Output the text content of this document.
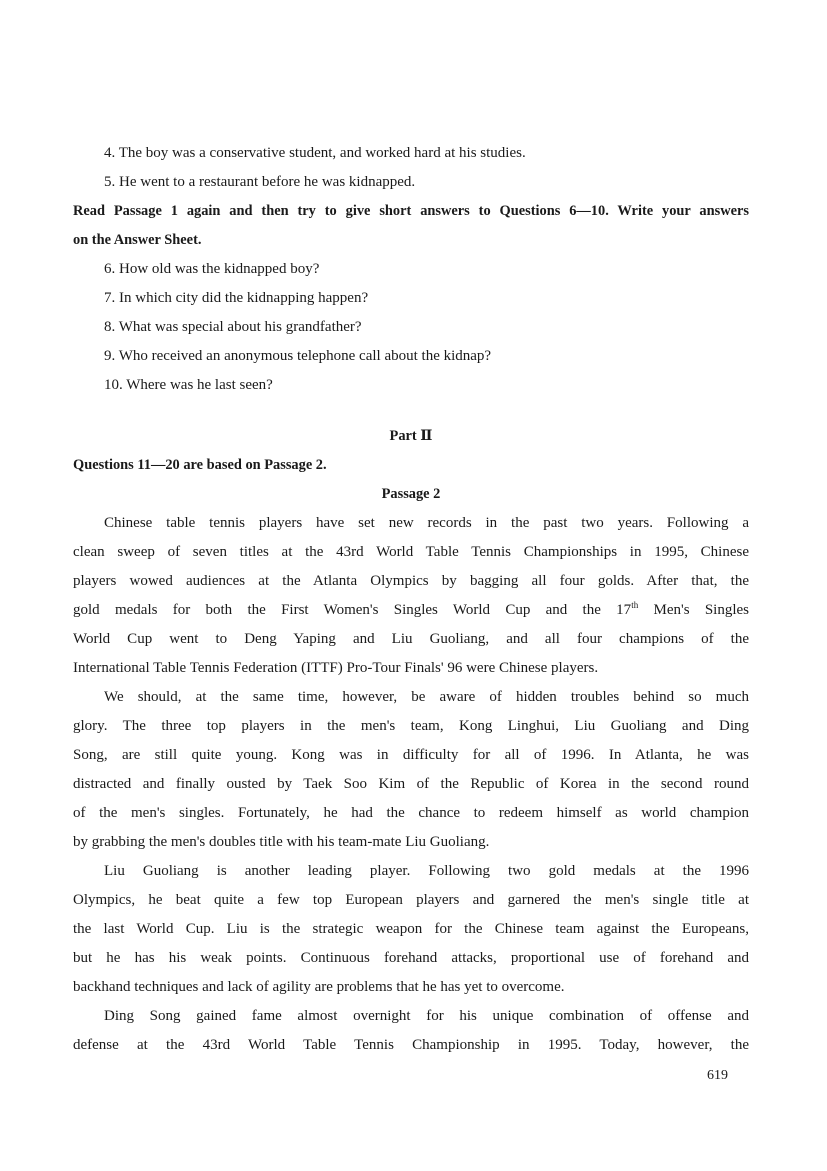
4. The boy was a conservative student, and worked hard at his studies.
5. He went to a restaurant before he was kidnapped.
Read Passage 1 again and then try to give short answers to Questions 6—10. Write your answers
on the Answer Sheet.
6. How old was the kidnapped boy?
7. In which city did the kidnapping happen?
8. What was special about his grandfather?
9. Who received an anonymous telephone call about the kidnap?
10. Where was he last seen?
Part Ⅱ
Questions 11—20 are based on Passage 2.
Passage 2
Chinese table tennis players have set new records in the past two years. Following a
clean sweep of seven titles at the 43rd World Table Tennis Championships in 1995, Chinese
players wowed audiences at the Atlanta Olympics by bagging all four golds. After that, the
gold medals for both the First Women's Singles World Cup and the 17th Men's Singles
World Cup went to Deng Yaping and Liu Guoliang, and all four champions of the
International Table Tennis Federation (ITTF) Pro-Tour Finals' 96 were Chinese players.
We should, at the same time, however, be aware of hidden troubles behind so much
glory. The three top players in the men's team, Kong Linghui, Liu Guoliang and Ding
Song, are still quite young. Kong was in difficulty for all of 1996. In Atlanta, he was
distracted and finally ousted by Taek Soo Kim of the Republic of Korea in the second round
of the men's singles. Fortunately, he had the chance to redeem himself as world champion
by grabbing the men's doubles title with his team-mate Liu Guoliang.
Liu Guoliang is another leading player. Following two gold medals at the 1996
Olympics, he beat quite a few top European players and garnered the men's single title at
the last World Cup. Liu is the strategic weapon for the Chinese team against the Europeans,
but he has his weak points. Continuous forehand attacks, proportional use of forehand and
backhand techniques and lack of agility are problems that he has yet to overcome.
Ding Song gained fame almost overnight for his unique combination of offense and
defense at the 43rd World Table Tennis Championship in 1995. Today, however, the
619
